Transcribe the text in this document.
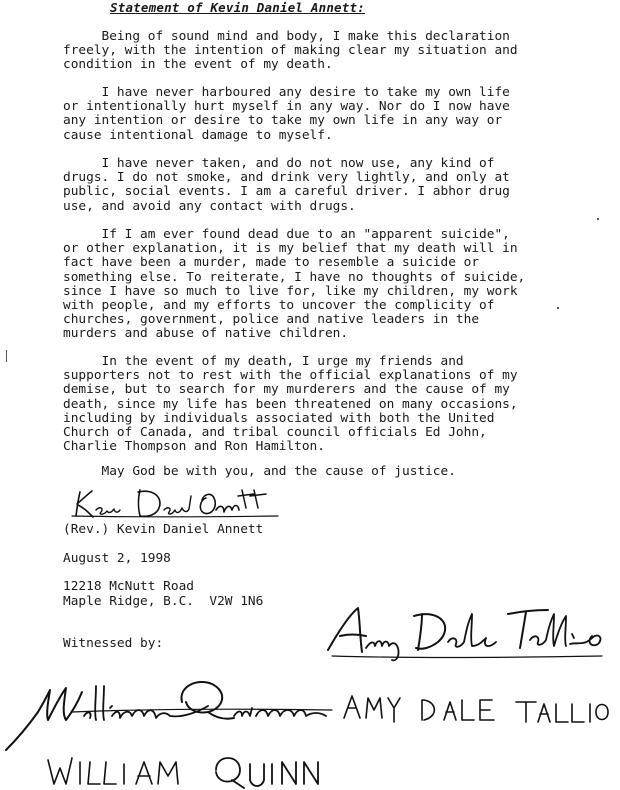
Statement of Kevin Daniel Annett:

Being of sound mind and body, I make this declaration
freely, with the intention of making clear my situation and
condition in the event of my death.

I have never harboured any desire to take my own life
or intentionally hurt myself in any way. Nor do I now have
any intention or desire to take my own life in any way or
cause intentional damage to myself.

I have never taken, and do not now use, any kind of
drugs. I do not smoke, and drink very lightly, and only at
public, social events. I am a careful driver. I abhor drug
use, and avoid any contact with drugs.

If I am ever found dead due to an "apparent suicide",
or other explanation, it is my belief that my death will in
fact have been a murder, made to resemble a suicide or
something else. To reiterate, I have no thoughts of suicide,
since I have so much to live for, like my children, my work
with people, and my efforts to uncover the complicity of
churches, government, police and native leaders in the
murders and abuse of native children.

In the event of my death, I urge my friends and
supporters not to rest with the official explanations of my
demise, but to search for my murderers and the cause of my
death, since my life has been threatened on many occasions,
including by individuals associated with both the United
Church of Canada, and tribal council officials Ed John,
Charlie Thompson and Ron Hamilton.

May God be with you, and the cause of justice.

(Rev.) Kevin Daniel Annett

August 2, 1998

12218 McNutt Road

Maple Ridge, B.C.  V2W 1N6

Witnessed by:
